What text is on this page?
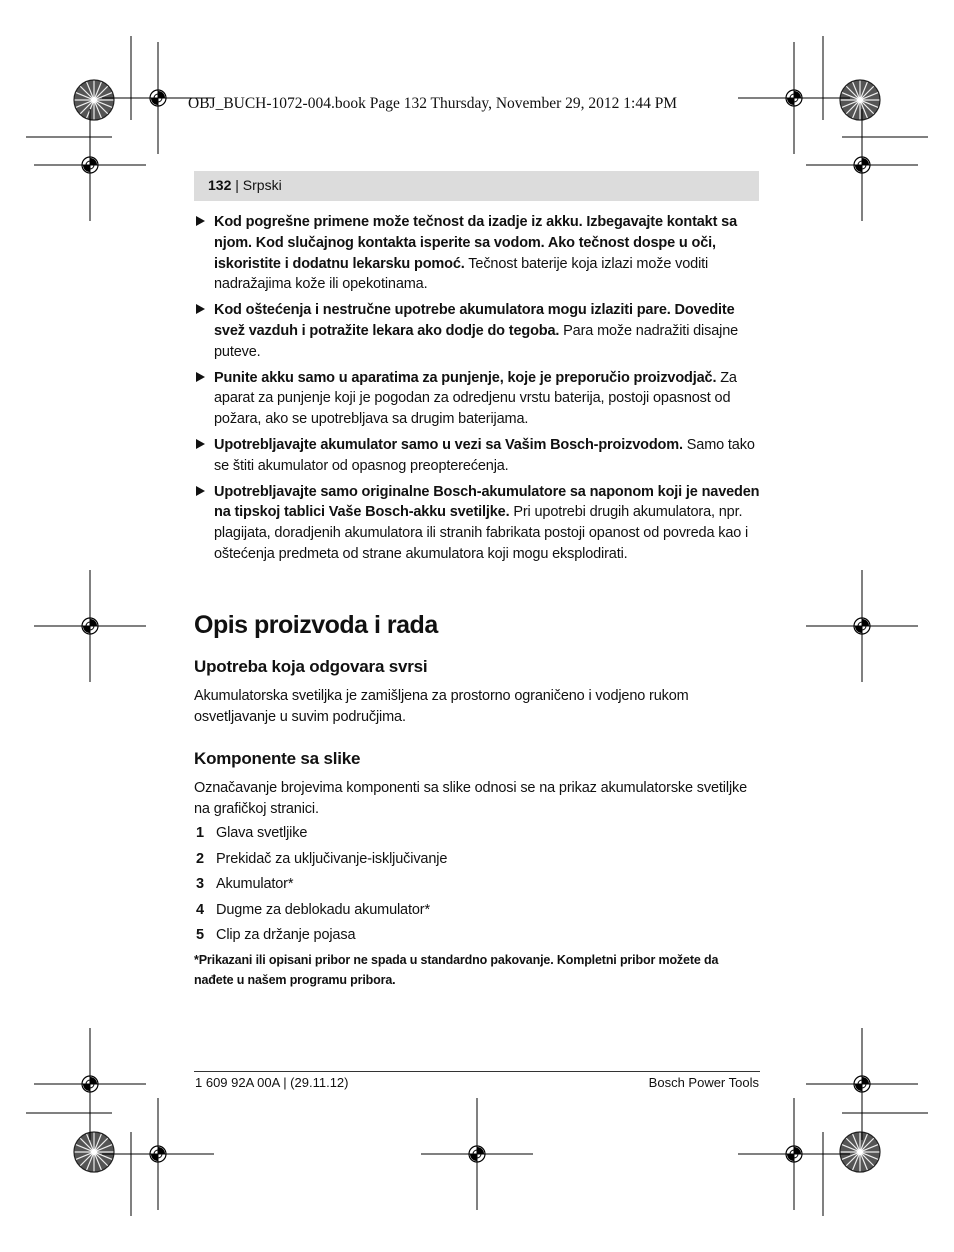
OBJ_BUCH-1072-004.book Page 132 Thursday, November 29, 2012 1:44 PM
132 | Srpski
Kod pogrešne primene može tečnost da izadje iz akku. Izbegavajte kontakt sa njom. Kod slučajnog kontakta isperite sa vodom. Ako tečnost dospe u oči, iskoristite i dodatnu lekarsku pomoć. Tečnost baterije koja izlazi može voditi nadražajima kože ili opekotinama.
Kod oštećenja i nestručne upotrebe akumulatora mogu izlaziti pare. Dovedite svež vazduh i potražite lekara ako dodje do tegoba. Para može nadražiti disajne puteve.
Punite akku samo u aparatima za punjenje, koje je preporučio proizvodjač. Za aparat za punjenje koji je pogodan za odredjenu vrstu baterija, postoji opasnost od požara, ako se upotrebljava sa drugim baterijama.
Upotrebljavajte akumulator samo u vezi sa Vašim Bosch-proizvodom. Samo tako se štiti akumulator od opasnog preopterećenja.
Upotrebljavajte samo originalne Bosch-akumulatore sa naponom koji je naveden na tipskoj tablici Vaše Bosch-akku svetiljke. Pri upotrebi drugih akumulatora, npr. plagijata, doradjenih akumulatora ili stranih fabrikata postoji opanost od povreda kao i oštećenja predmeta od strane akumulatora koji mogu eksplodirati.
Opis proizvoda i rada
Upotreba koja odgovara svrsi
Akumulatorska svetiljka je zamišljena za prostorno ograničeno i vodjeno rukom osvetljavanje u suvim područjima.
Komponente sa slike
Označavanje brojevima komponenti sa slike odnosi se na prikaz akumulatorske svetiljke na grafičkoj stranici.
1 Glava svetljike
2 Prekidač za uključivanje-isključivanje
3 Akumulator*
4 Dugme za deblokadu akumulator*
5 Clip za držanje pojasa
*Prikazani ili opisani pribor ne spada u standardno pakovanje. Kompletni pribor možete da nađete u našem programu pribora.
1 609 92A 00A | (29.11.12)	Bosch Power Tools
